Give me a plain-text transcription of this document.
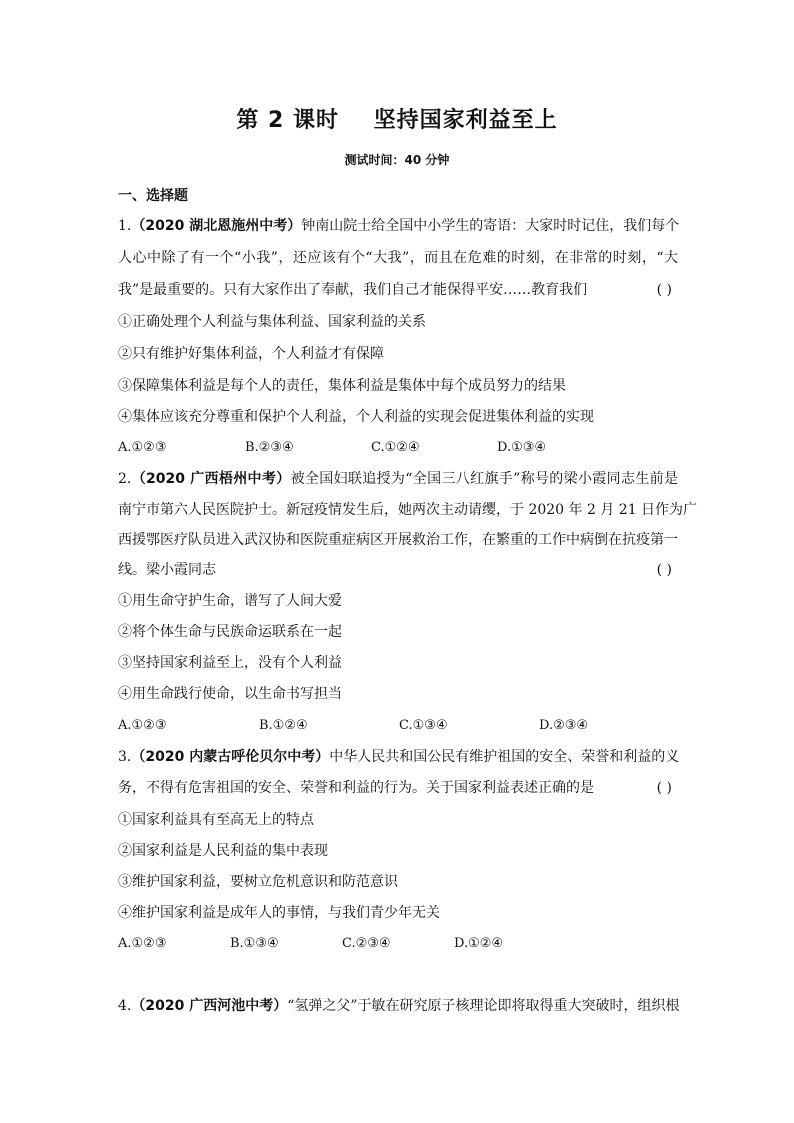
第 2 课时    坚持国家利益至上
测试时间：40 分钟
一、选择题
1.（2020 湖北恩施州中考）钟南山院士给全国中小学生的寄语：大家时时记住，我们每个
人心中除了有一个“小我”，还应该有个“大我”，而且在危难的时刻，在非常的时刻，“大
我”是最重要的。只有大家作出了奉献，我们自己才能保得平安……教育我们	( )
①正确处理个人利益与集体利益、国家利益的关系
②只有维护好集体利益，个人利益才有保障
③保障集体利益是每个人的责任，集体利益是集体中每个成员努力的结果
④集体应该充分尊重和保护个人利益，个人利益的实现会促进集体利益的实现
A.①②③	B.②③④	C.①②④	D.①③④
2.（2020 广西梧州中考）被全国妇联追授为“全国三八红旗手”称号的梁小霞同志生前是
南宁市第六人民医院护士。新冠疫情发生后，她两次主动请缨，于 2020 年 2 月 21 日作为广
西援鄂医疗队员进入武汉协和医院重症病区开展救治工作，在繁重的工作中病倒在抗疫第一
线。梁小霞同志	( )
①用生命守护生命，谱写了人间大爱
②将个体生命与民族命运联系在一起
③坚持国家利益至上，没有个人利益
④用生命践行使命，以生命书写担当
A.①②③	B.①②④	C.①③④	D.②③④
3.（2020 内蒙古呼伦贝尔中考）中华人民共和国公民有维护祖国的安全、荣誉和利益的义
务，不得有危害祖国的安全、荣誉和利益的行为。关于国家利益表述正确的是	( )
①国家利益具有至高无上的特点
②国家利益是人民利益的集中表现
③维护国家利益，要树立危机意识和防范意识
④维护国家利益是成年人的事情，与我们青少年无关
A.①②③	B.①③④	C.②③④	D.①②④
4.（2020 广西河池中考）“氢弹之父”于敏在研究原子核理论即将取得重大突破时，组织根
